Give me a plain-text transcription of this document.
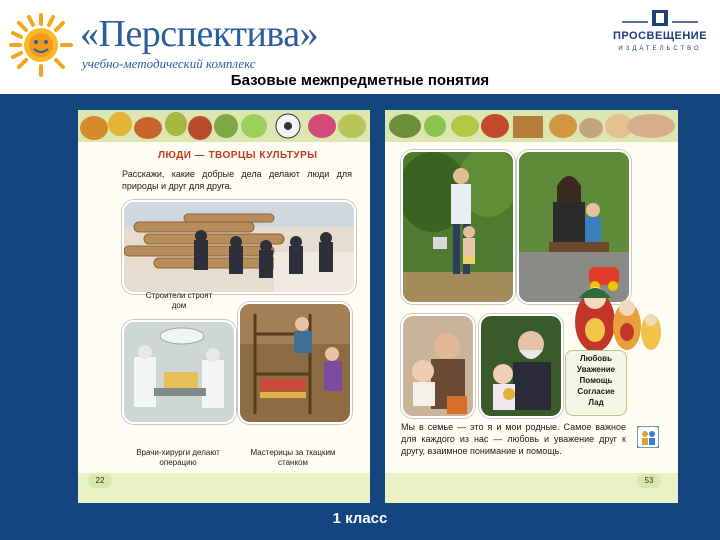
«Перспектива»
учебно-методический комплекс
ПРОСВЕЩЕНИЕ
ИЗДАТЕЛЬСТВО
Базовые межпредметные понятия
ЛЮДИ — ТВОРЦЫ КУЛЬТУРЫ
Расскажи, какие добрые дела делают люди для природы и друг для друга.
Строители строят дом
Врачи-хирурги делают операцию
Мастерицы за ткацким станком
22
Любовь
Уважение
Помощь
Согласие
Лад
Мы в семье — это я и мои родные. Самое важное для каждого из нас — любовь и уважение друг к другу, взаимное понимание и помощь.
53
1 класс
